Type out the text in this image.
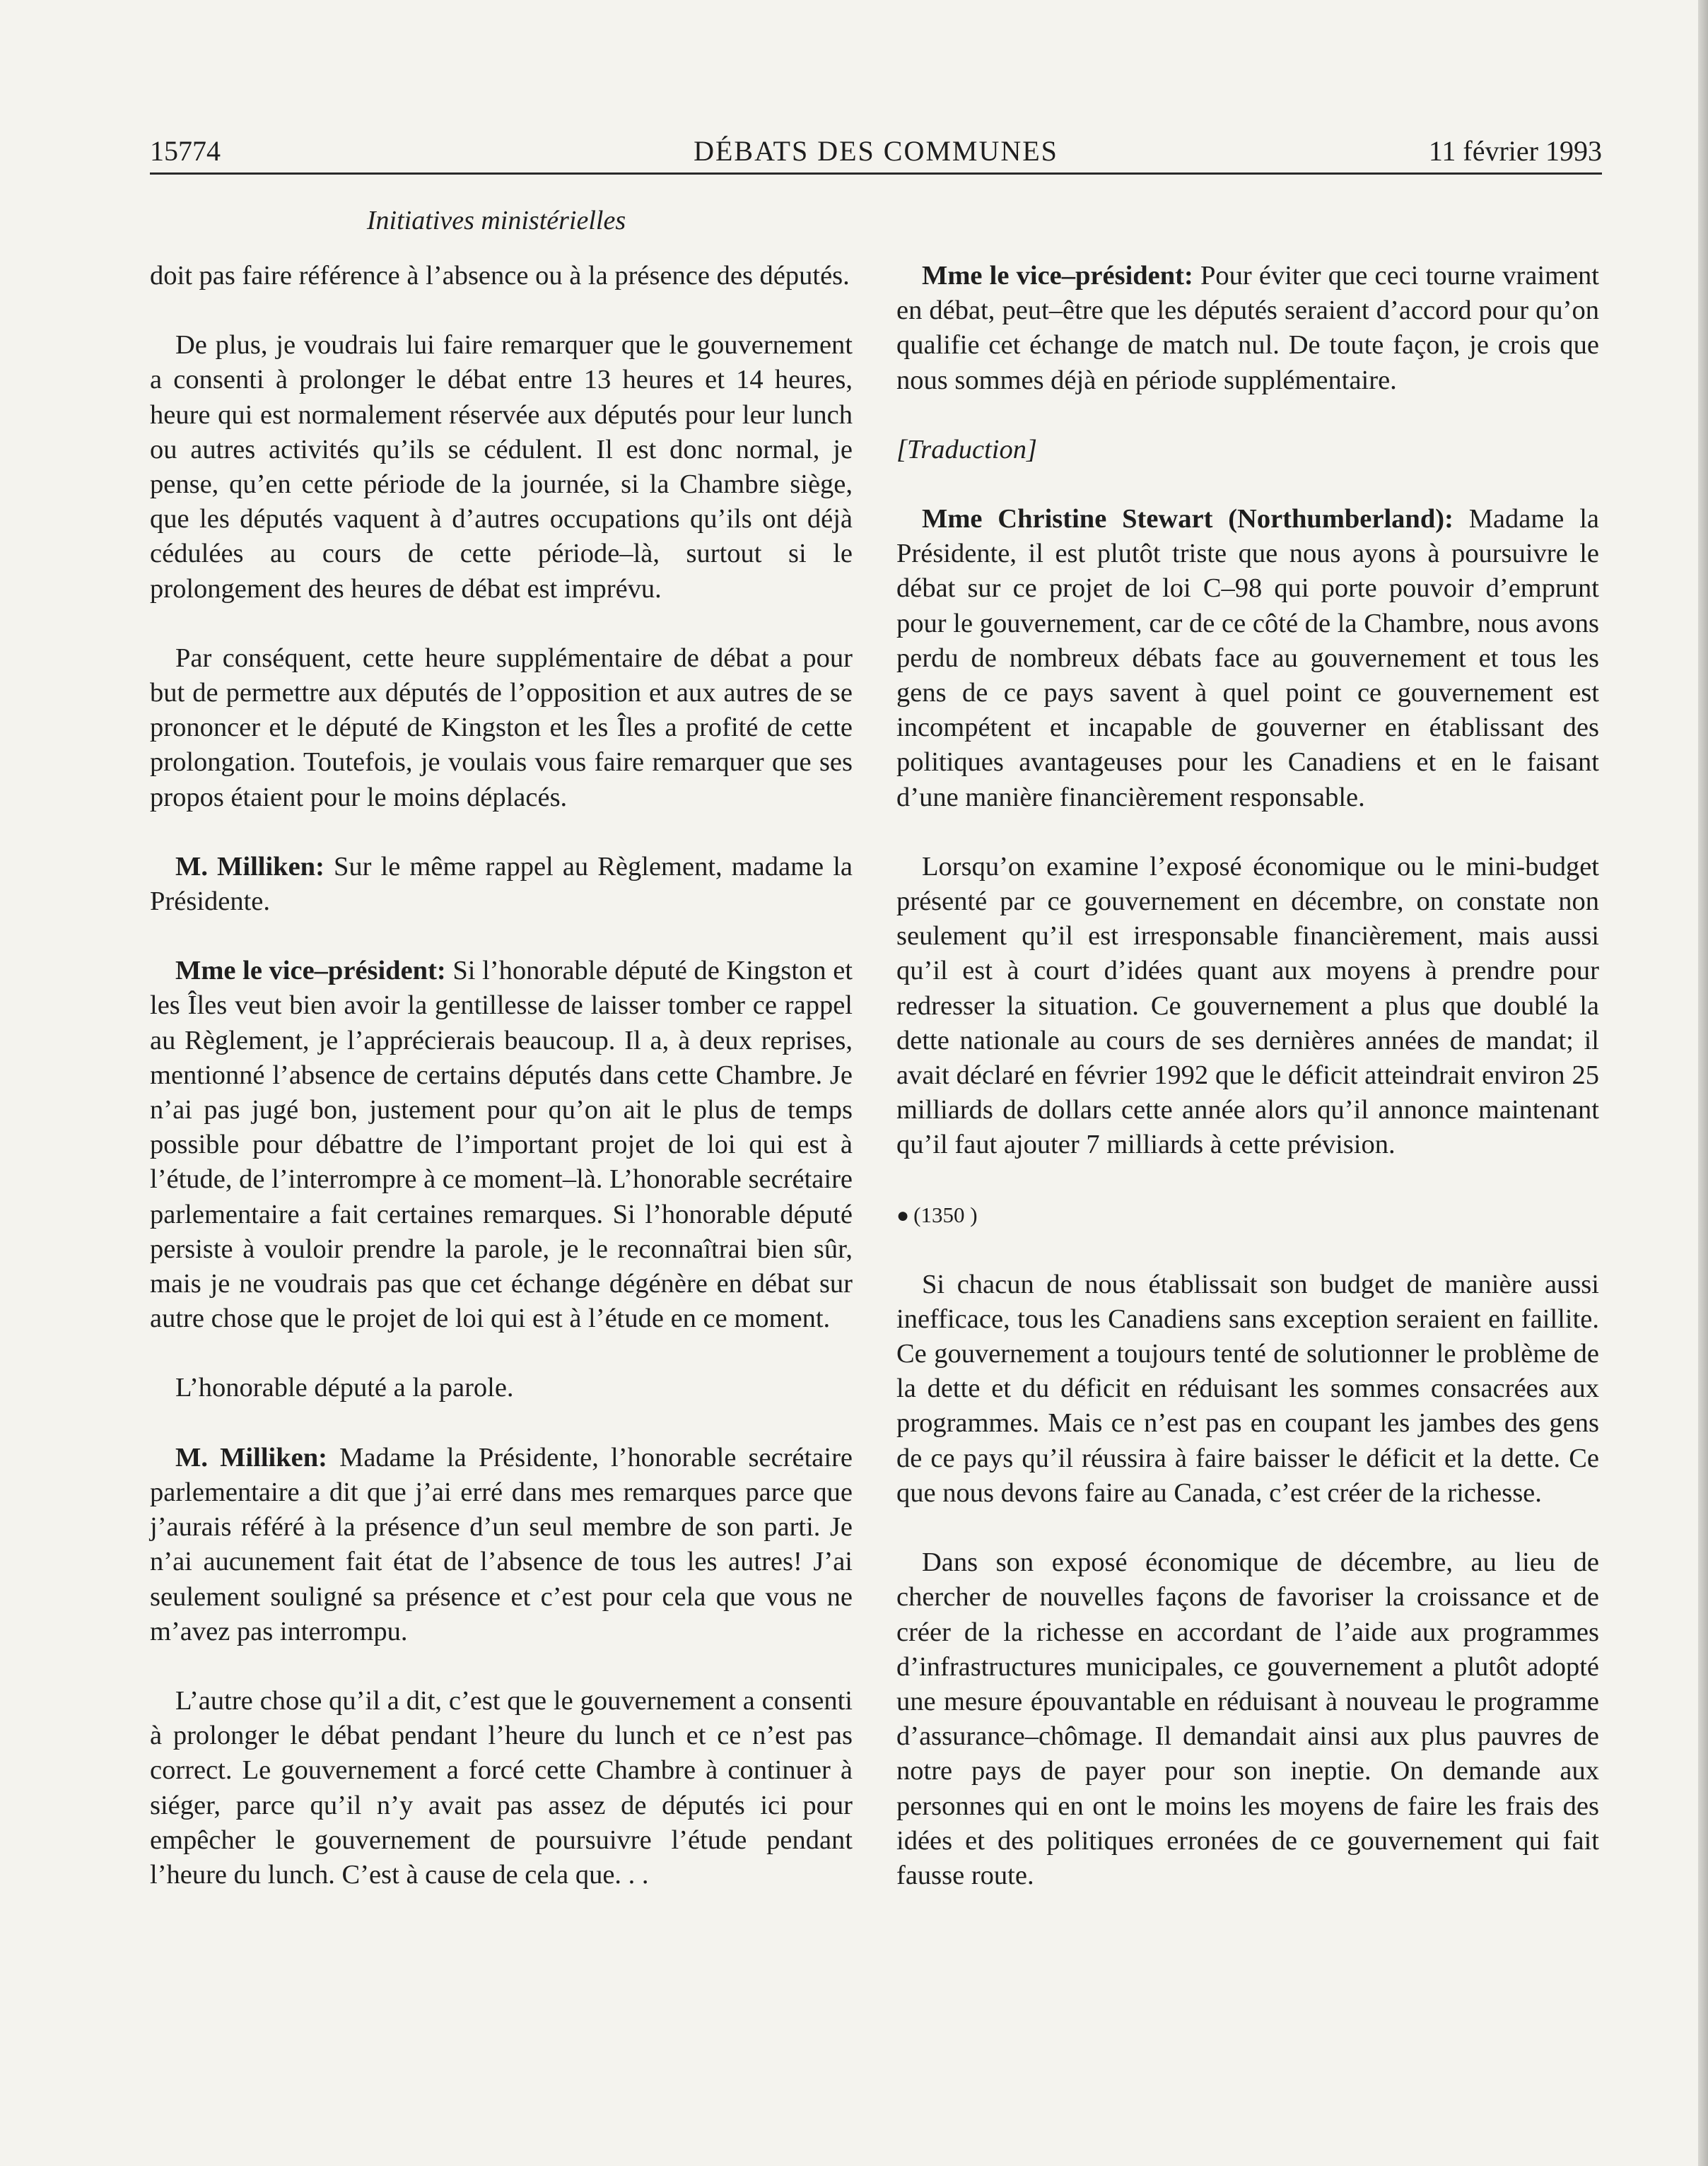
15774	DÉBATS DES COMMUNES	11 février 1993
Initiatives ministérielles

doit pas faire référence à l’absence ou à la présence des députés.

De plus, je voudrais lui faire remarquer que le gouvernement a consenti à prolonger le débat entre 13 heures et 14 heures, heure qui est normalement réservée aux députés pour leur lunch ou autres activités qu’ils se cédulent. Il est donc normal, je pense, qu’en cette période de la journée, si la Chambre siège, que les députés vaquent à d’autres occupations qu’ils ont déjà cédulées au cours de cette période–là, surtout si le prolongement des heures de débat est imprévu.

Par conséquent, cette heure supplémentaire de débat a pour but de permettre aux députés de l’opposition et aux autres de se prononcer et le député de Kingston et les Îles a profité de cette prolongation. Toutefois, je voulais vous faire remarquer que ses propos étaient pour le moins déplacés.

M. Milliken: Sur le même rappel au Règlement, madame la Présidente.

Mme le vice–président: Si l’honorable député de Kingston et les Îles veut bien avoir la gentillesse de laisser tomber ce rappel au Règlement, je l’apprécierais beaucoup. Il a, à deux reprises, mentionné l’absence de certains députés dans cette Chambre. Je n’ai pas jugé bon, justement pour qu’on ait le plus de temps possible pour débattre de l’important projet de loi qui est à l’étude, de l’interrompre à ce moment–là. L’honorable secrétaire parlementaire a fait certaines remarques. Si l’honorable député persiste à vouloir prendre la parole, je le reconnaîtrai bien sûr, mais je ne voudrais pas que cet échange dégénère en débat sur autre chose que le projet de loi qui est à l’étude en ce moment.

L’honorable député a la parole.

M. Milliken: Madame la Présidente, l’honorable secrétaire parlementaire a dit que j’ai erré dans mes remarques parce que j’aurais référé à la présence d’un seul membre de son parti. Je n’ai aucunement fait état de l’absence de tous les autres! J’ai seulement souligné sa présence et c’est pour cela que vous ne m’avez pas interrompu.

L’autre chose qu’il a dit, c’est que le gouvernement a consenti à prolonger le débat pendant l’heure du lunch et ce n’est pas correct. Le gouvernement a forcé cette Chambre à continuer à siéger, parce qu’il n’y avait pas assez de députés ici pour empêcher le gouvernement de poursuivre l’étude pendant l’heure du lunch. C’est à cause de cela que. . .

Mme le vice–président: Pour éviter que ceci tourne vraiment en débat, peut–être que les députés seraient d’accord pour qu’on qualifie cet échange de match nul. De toute façon, je crois que nous sommes déjà en période supplémentaire.

[Traduction]

Mme Christine Stewart (Northumberland): Madame la Présidente, il est plutôt triste que nous ayons à poursuivre le débat sur ce projet de loi C–98 qui porte pouvoir d’emprunt pour le gouvernement, car de ce côté de la Chambre, nous avons perdu de nombreux débats face au gouvernement et tous les gens de ce pays savent à quel point ce gouvernement est incompétent et incapable de gouverner en établissant des politiques avantageuses pour les Canadiens et en le faisant d’une manière financièrement responsable.

Lorsqu’on examine l’exposé économique ou le mini-budget présenté par ce gouvernement en décembre, on constate non seulement qu’il est irresponsable financièrement, mais aussi qu’il est à court d’idées quant aux moyens à prendre pour redresser la situation. Ce gouvernement a plus que doublé la dette nationale au cours de ses dernières années de mandat; il avait déclaré en février 1992 que le déficit atteindrait environ 25 milliards de dollars cette année alors qu’il annonce maintenant qu’il faut ajouter 7 milliards à cette prévision.

● (1350 )

Si chacun de nous établissait son budget de manière aussi inefficace, tous les Canadiens sans exception seraient en faillite. Ce gouvernement a toujours tenté de solutionner le problème de la dette et du déficit en réduisant les sommes consacrées aux programmes. Mais ce n’est pas en coupant les jambes des gens de ce pays qu’il réussira à faire baisser le déficit et la dette. Ce que nous devons faire au Canada, c’est créer de la richesse.

Dans son exposé économique de décembre, au lieu de chercher de nouvelles façons de favoriser la croissance et de créer de la richesse en accordant de l’aide aux programmes d’infrastructures municipales, ce gouvernement a plutôt adopté une mesure épouvantable en réduisant à nouveau le programme d’assurance–chômage. Il demandait ainsi aux plus pauvres de notre pays de payer pour son ineptie. On demande aux personnes qui en ont le moins les moyens de faire les frais des idées et des politiques erronées de ce gouvernement qui fait fausse route.
